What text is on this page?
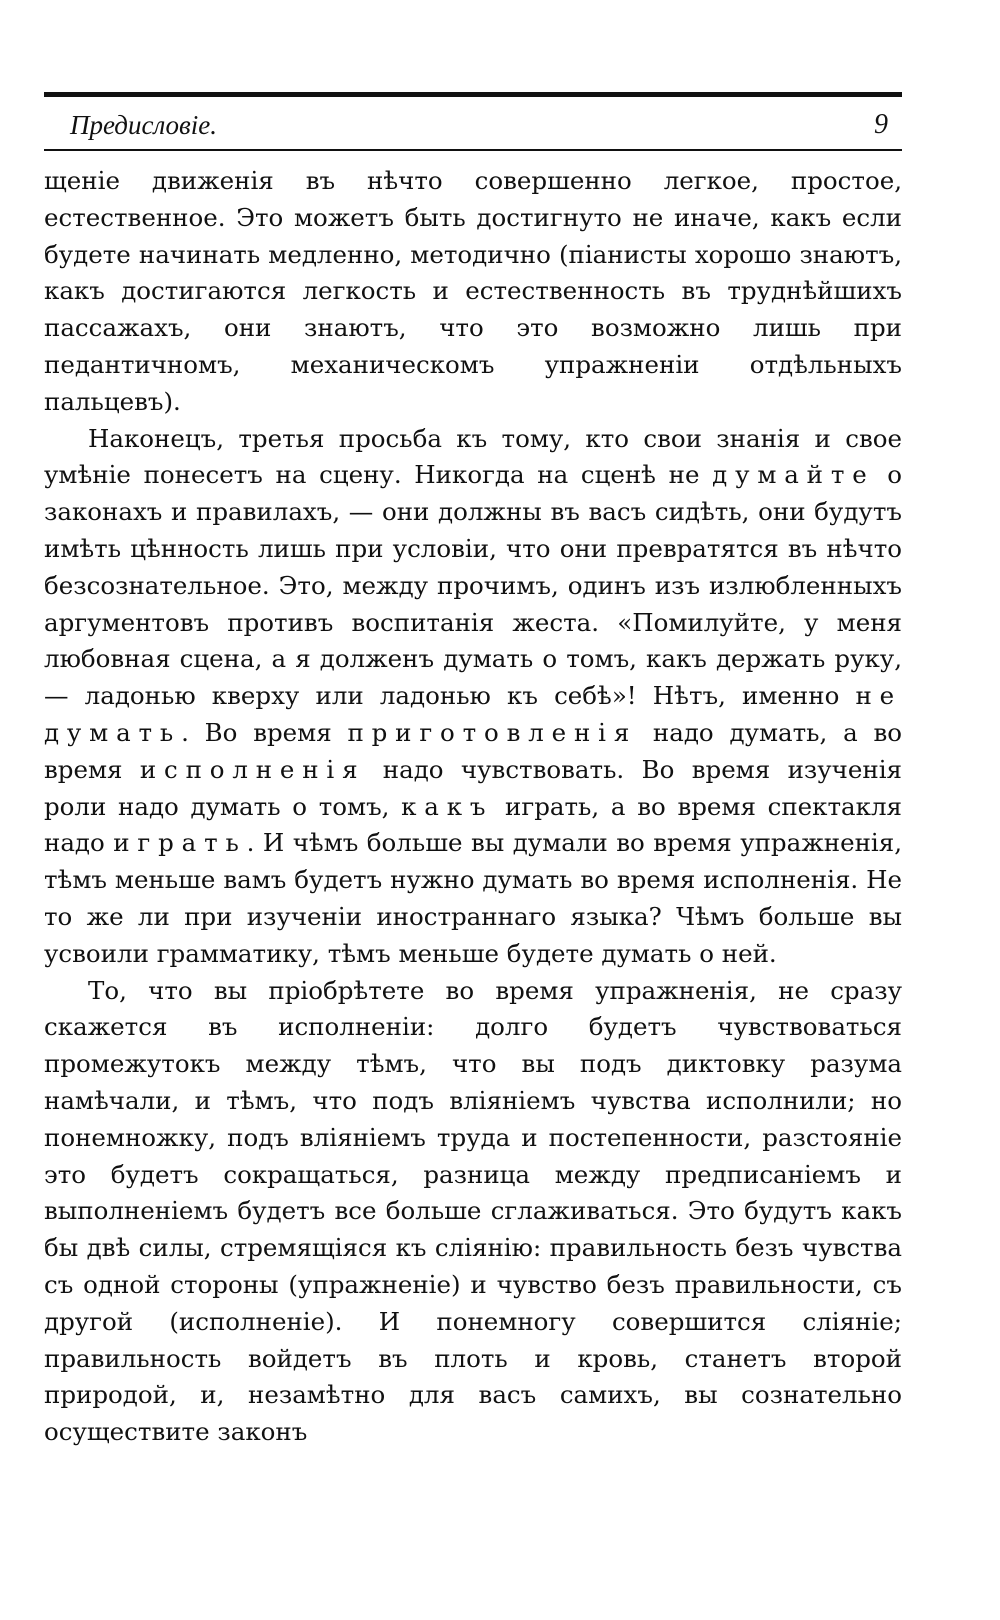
Предисловіе.	9

щеніе движенія въ нѣчто совершенно легкое, простое, естественное. Это можетъ быть достигнуто не иначе, какъ если будете начинать медленно, методично (піанисты хорошо знаютъ, какъ достигаются легкость и естественность въ труднѣйшихъ пассажахъ, они знаютъ, что это возможно лишь при педантичномъ, механическомъ упражненіи отдѣльныхъ пальцевъ).

Наконецъ, третья просьба къ тому, кто свои знанія и свое умѣніе понесетъ на сцену. Никогда на сценѣ не думайте о законахъ и правилахъ, — они должны въ васъ сидѣть, они будутъ имѣть цѣнность лишь при условіи, что они превратятся въ нѣчто безсознательное. Это, между прочимъ, одинъ изъ излюбленныхъ аргументовъ противъ воспитанія жеста. «Помилуйте, у меня любовная сцена, а я долженъ думать о томъ, какъ держать руку, — ладонью кверху или ладонью къ себѣ»! Нѣтъ, именно не думать. Во время приготовленія надо думать, а во время исполненія надо чувствовать. Во время изученія роли надо думать о томъ, какъ играть, а во время спектакля надо играть. И чѣмъ больше вы думали во время упражненія, тѣмъ меньше вамъ будетъ нужно думать во время исполненія. Не то же ли при изученіи иностраннаго языка? Чѣмъ больше вы усвоили грамматику, тѣмъ меньше будете думать о ней.

То, что вы пріобрѣтете во время упражненія, не сразу скажется въ исполненіи: долго будетъ чувствоваться промежутокъ между тѣмъ, что вы подъ диктовку разума намѣчали, и тѣмъ, что подъ вліяніемъ чувства исполнили; но понемножку, подъ вліяніемъ труда и постепенности, разстояніе это будетъ сокращаться, разница между предписаніемъ и выполненіемъ будетъ все больше сглаживаться. Это будутъ какъ бы двѣ силы, стремящіяся къ сліянію: правильность безъ чувства съ одной стороны (упражненіе) и чувство безъ правильности, съ другой (исполненіе). И понемногу совершится сліяніе; правильность войдетъ въ плоть и кровь, станетъ второй природой, и, незамѣтно для васъ самихъ, вы сознательно осуществите законъ
